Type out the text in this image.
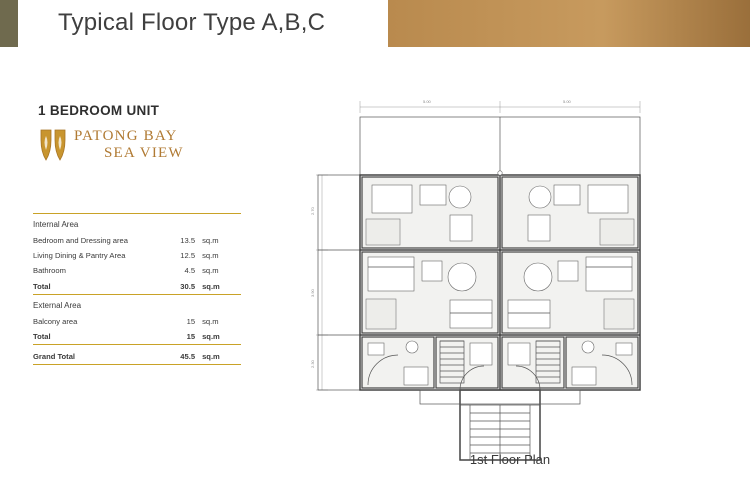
Typical Floor Type A,B,C
1 BEDROOM UNIT
PATONG BAY
SEA VIEW
Internal Area		
Bedroom and Dressing area	13.5	sq.m
Living Dining & Pantry Area	12.5	sq.m
Bathroom	4.5	sq.m
Total	30.5	sq.m
External Area		
Balcony area	15	sq.m
Total	15	sq.m

Grand Total	45.5	sq.m
5.00	5.00
2.70
3.90
2.30
1st Floor Plan
